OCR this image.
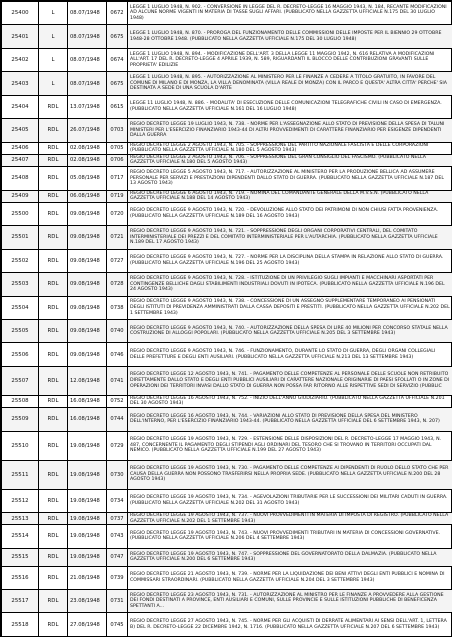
25400	L	08.07/1948	0672	LEGGE 1 LUGLIO 1948, N. 902. - CONVERSIONE IN LEGGE DEL R. DECRETO-LEGGE 16 MAGGIO 1943, N. 184, RECANTE MODIFICAZIONI AD ALCUNE NORME VIGENTI IN MATERIA DI TASSE SUGLI AFFARI. (PUBBLICATO NELLA GAZZETTA UFFICIALE N.175 DEL 30 LUGLIO 1948)
25401	L	08.07/1948	0675	LEGGE 1 LUGLIO 1948, N. 870. - PROROGA DEL FUNZIONAMENTO DELLE COMMISSIONI DELLE IMPOSTE PER IL BIENNIO 29 OTTOBRE 1948-28 OTTOBRE 1948. (PUBBLICATO NELLA GAZZETTA UFFICIALE N.175 DEL 30 LUGLIO 1948)
25402	L	08.07/1948	0674	LEGGE 1 LUGLIO 1948, N. 894. - MODIFICAZIONE DELL'ART. 3 DELLA LEGGE 11 MAGGIO 1942, N. 616 RELATIVA A MODIFICAZIONI ALL'ART. 17 DEL R. DECRETO-LEGGE 4 APRILE 1939, N. 589, RIGUARDANTI IL BLOCCO DELLE CONTRIBUZIONI GRAVANTI SULLE PROPRIETA' EDILIZIE
25403	L	08.07/1948	0675	LEGGE 1 LUGLIO 1948, N. 895. - AUTORIZZAZIONE AL MINISTERO PER LE FINANZE A CEDERE A TITOLO GRATUITO, IN FAVORE DEL COMUNE DI MILANO E DI MONZA, LA VILLA DENOMINATA (VILLA REALE DI MONZA) CON IL PARCO E QUESTA' ALTRA CITTA' PERCHE' SIA DESTINATA A SEDE DI UNA SCUOLA D'ARTE
25404	RDL	13.07/1948	0615	LEGGE 11 LUGLIO 1948, N. 886. - MODALITA' DI ESECUZIONE DELLE COMUNICAZIONI TELEGRAFICHE CIVILI IN CASO DI EMERGENZA. (PUBBLICATO NELLA GAZZETTA UFFICIALE N.161 DEL 16 LUGLIO 1948)
25405	RDL	26.07/1948	0703	REGIO DECRETO LEGGE 19 LUGLIO 1943, N. 738. - NORME PER L'ASSEGNAZIONE ALLO STATO DI PREVISIONE DELLA SPESA DI TALUNI MINISTERI PER L'ESERCIZIO FINANZIARIO 1943-44 DI ALTRI PROVVEDIMENTI DI CARATTERE FINANZIARIO PER ESIGENZE DIPENDENTI DALLA GUERRA
25406	RDL	02.08/1948	0705	REGIO DECRETO LEGGE 2 AGOSTO 1943, N. 705. - SOPPRESSIONE DEL PARTITO NAZIONALE FASCISTA E DELLE CORPORAZIONI (PUBBLICATO NELLA GAZZETTA UFFICIALE N.180 DEL 5 AGOSTO 1943)
25407	RDL	02.08/1948	0706	REGIO DECRETO LEGGE 2 AGOSTO 1943, N. 706. - SOPPRESSIONE DEL GRAN CONSIGLIO DEL FASCISMO. (PUBBLICATO NELLA GAZZETTA UFFICIALE N.180 DEL 5 AGOSTO 1943)
25408	RDL	05.08/1948	0717	REGIO DECRETO LEGGE 5 AGOSTO 1943, N. 717. - AUTORIZZAZIONE AL MINISTERO PER LA PRODUZIONE BELLICA AD ASSUMERE PERSONALE PER SERVIZI E PRESTAZIONI DIPENDENTI DALLO STATO DI GUERRA. (PUBBLICATO NELLA GAZZETTA UFFICIALE N.187 DEL 13 AGOSTO 1943)
25409	RDL	06.08/1948	0719	REGIO DECRETO LEGGE 6 AGOSTO 1943, N. 719. - NOMINA DEL COMANDANTE GENERALE DELLA M.V.S.N. (PUBBLICATO NELLA GAZZETTA UFFICIALE N.188 DEL 14 AGOSTO 1943)
25500	RDL	09.08/1948	0720	REGIO DECRETO LEGGE 9 AGOSTO 1943, N. 720. - DEVOLUZIONE ALLO STATO DEI PATRIMONI DI NON CHIUSI FATTA PROVENIENZA. (PUBBLICATO NELLA GAZZETTA UFFICIALE N.189 DEL 16 AGOSTO 1943)
25501	RDL	09.08/1948	0721	REGIO DECRETO LEGGE 9 AGOSTO 1943, N. 721. - SOPPRESSIONE DEGLI ORGANI CORPORATIVI CENTRALI, DEL COMITATO INTERMINISTERIALE DEI PREZZI E DEL COMITATO INTERMINISTERIALE PER L'AUTARCHIA. (PUBBLICATO NELLA GAZZETTA UFFICIALE N.189 DEL 17 AGOSTO 1943)
25502	RDL	09.08/1948	0727	REGIO DECRETO LEGGE 9 AGOSTO 1943, N. 727. - NORME PER LA DISCIPLINA DELLA STAMPA IN RELAZIONE ALLO STATO DI GUERRA. (PUBBLICATO NELLA GAZZETTA UFFICIALE N.196 DEL 25 AGOSTO 1943)
25503	RDL	09.08/1948	0728	REGIO DECRETO LEGGE 9 AGOSTO 1943, N. 728. - ISTITUZIONE DI UN PRIVILEGIO SUGLI IMPIANTI E MACCHINARI ASPORTATI PER CONTINGENZE BELLICHE DAGLI STABILIMENTI INDUSTRIALI DOVUTI IN IPOTECA. (PUBBLICATO NELLA GAZZETTA UFFICIALE N.196 DEL 24 AGOSTO 1943)
25504	RDL	09.08/1948	0738	REGIO DECRETO LEGGE 9 AGOSTO 1943, N. 738. - CONCESSIONE DI UN ASSEGNO SUPPLEMENTARE TEMPORANEO AI PENSIONATI DEGLI ISTITUTI DI PREVIDENZA AMMINISTRATI DALLA CASSA DEPOSITI E PRESTITI. (PUBBLICATO NELLA GAZZETTA UFFICIALE N.202 DEL 1 SETTEMBRE 1943)
25505	RDL	09.08/1948	0740	REGIO DECRETO LEGGE 9 AGOSTO 1943, N. 740. - AUTORIZZAZIONE DELLA SPESA DI LIRE 40 MILIONI PER CONCORSO STATALE NELLA COSTRUZIONE DI ALLOGGI POPOLARI. (PUBBLICATO NELLA GAZZETTA UFFICIALE N.205 DEL 3 SETTEMBRE 1943)
25506	RDL	09.08/1948	0746	REGIO DECRETO LEGGE 9 AGOSTO 1943, N. 746. - FUNZIONAMENTO, DURANTE LO STATO DI GUERRA, DEGLI ORGANI COLLEGIALI DELLE PREFETTURE E DEGLI ENTI AUSILIARI. (PUBBLICATO NELLA GAZZETTA UFFICIALE N.213 DEL 13 SETTEMBRE 1943)
25507	RDL	12.08/1948	0741	REGIO DECRETO LEGGE 12 AGOSTO 1943, N. 741. - PAGAMENTO DELLE COMPETENZE AL PERSONALE DELLE SCUOLE NON RETRIBUITO DIRETTAMENTE DALLO STATO E DEGLI ENTI PUBBLICI AUSILIARI DI CARATTERE NAZIONALE ORIGINARIE DI PAESI SFOLLATI O IN ZONE DI OPERAZIONI DEI TERRITORI INVASI DALLO STATO DI GUERRA NON POSSA FAR RITORNO ALLE RISPETTIVE SEDI DI SERVIZIO (PUBBLIC
25508	RDL	16.08/1948	0752	REGIO DECRETO LEGGE 16 AGOSTO 1943, N. 752. - INIZIO DELL'ANNO GIUDIZIARIO. (PUBBLICATO NELLA GAZZETTA UFFICIALE N.201 DEL 30 AGOSTO 1943)
25509	RDL	16.08/1948	0744	REGIO DECRETO LEGGE 16 AGOSTO 1943, N. 744. - VARIAZIONI ALLO STATO DI PREVISIONE DELLA SPESA DEL MINISTERO DELL'INTERNO, PER L'ESERCIZIO FINANZIARIO 1943-44. (PUBBLICATO NELLA GAZZETTA UFFICIALE DEL 6 SETTEMBRE 1943, N. 207)
25510	RDL	19.08/1948	0729	REGIO DECRETO LEGGE 19 AGOSTO 1943, N. 729. - ESTENSIONE DELLE DISPOSIZIONI DEL R. DECRETO-LEGGE 17 MAGGIO 1943, N. 487, CONCERNENTE IL PAGAMENTO DEGLI STIPENDI AGLI ORDINARI DEL TESORO CHE SI TROVANO IN TERRITORI OCCUPATI DAL NEMICO. (PUBBLICATO NELLA GAZZETTA UFFICIALE N.199 DEL 27 AGOSTO 1943)
25511	RDL	19.08/1948	0730	REGIO DECRETO LEGGE 19 AGOSTO 1943, N. 730. - PAGAMENTO DELLE COMPETENZE AI DIPENDENTI DI RUOLO DELLO STATO CHE PER CAUSA DELLA GUERRA NON POSSONO TRASFERIRSI NELLA PROPRIA SEDE. (PUBBLICATO NELLA GAZZETTA UFFICIALE N.200 DEL 28 AGOSTO 1943)
25512	RDL	19.08/1948	0734	REGIO DECRETO LEGGE 19 AGOSTO 1943, N. 734. - AGEVOLAZIONI TRIBUTARIE PER LE SUCCESSIONI DEI MILITARI CADUTI IN GUERRA. (PUBBLICATO NELLA GAZZETTA UFFICIALE N.202 DEL 31 AGOSTO 1943)
25513	RDL	19.08/1948	0737	REGIO DECRETO LEGGE 19 AGOSTO 1943, N. 737. - NUOVI PROVVEDIMENTI IN MATERIA DI IMPOSTA DI REGISTRO. (PUBBLICATO NELLA GAZZETTA UFFICIALE N.202 DEL 1 SETTEMBRE 1943)
25514	RDL	19.08/1948	0743	REGIO DECRETO LEGGE 19 AGOSTO 1943, N. 743. - NUOVI PROVVEDIMENTI TRIBUTARI IN MATERIA DI CONCESSIONI GOVERNATIVE. (PUBBLICATO NELLA GAZZETTA UFFICIALE N.206 DEL 4 SETTEMBRE 1943)
25515	RDL	19.08/1948	0747	REGIO DECRETO LEGGE 19 AGOSTO 1943, N. 747. - SOPPRESSIONE DEL GOVERNATORATO DELLA DALMAZIA. (PUBBLICATO NELLA GAZZETTA UFFICIALE N.200 DEL 6 SETTEMBRE 1943)
25516	RDL	21.08/1948	0739	REGIO DECRETO LEGGE 21 AGOSTO 1943, N. 739. - NORME PER LA LIQUIDAZIONE DEI BENI ATTIVI DEGLI ENTI PUBBLICI E NOMINA DI COMMISSARI STRAORDINARI. (PUBBLICATO NELLA GAZZETTA UFFICIALE N.204 DEL 3 SETTEMBRE 1943)
25517	RDL	23.08/1948	0731	REGIO DECRETO LEGGE 23 AGOSTO 1943, N. 731. - AUTORIZZAZIONE AL MINISTRO PER LE FINANZE A PROVVEDERE ALLA GESTIONE DEI FONDI DESTINATI A PROVINCE, ENTI AUSILIARI E COMUNI, SULLE PROVINCIE E SULLE ISTITUZIONI PUBBLICHE DI BENEFICENZA SPETTANTI A...
25518	RDL	27.08/1948	0745	REGIO DECRETO LEGGE 27 AGOSTO 1943, N. 745. - NORME PER GLI ACQUISTI DI DERRATE ALIMENTARI AI SENSI DELL'ART. 1, LETTERA B) DEL R. DECRETO-LEGGE 22 DICEMBRE 1942, N. 1716. (PUBBLICATO NELLA GAZZETTA UFFICIALE N.207 DEL 6 SETTEMBRE 1943)
